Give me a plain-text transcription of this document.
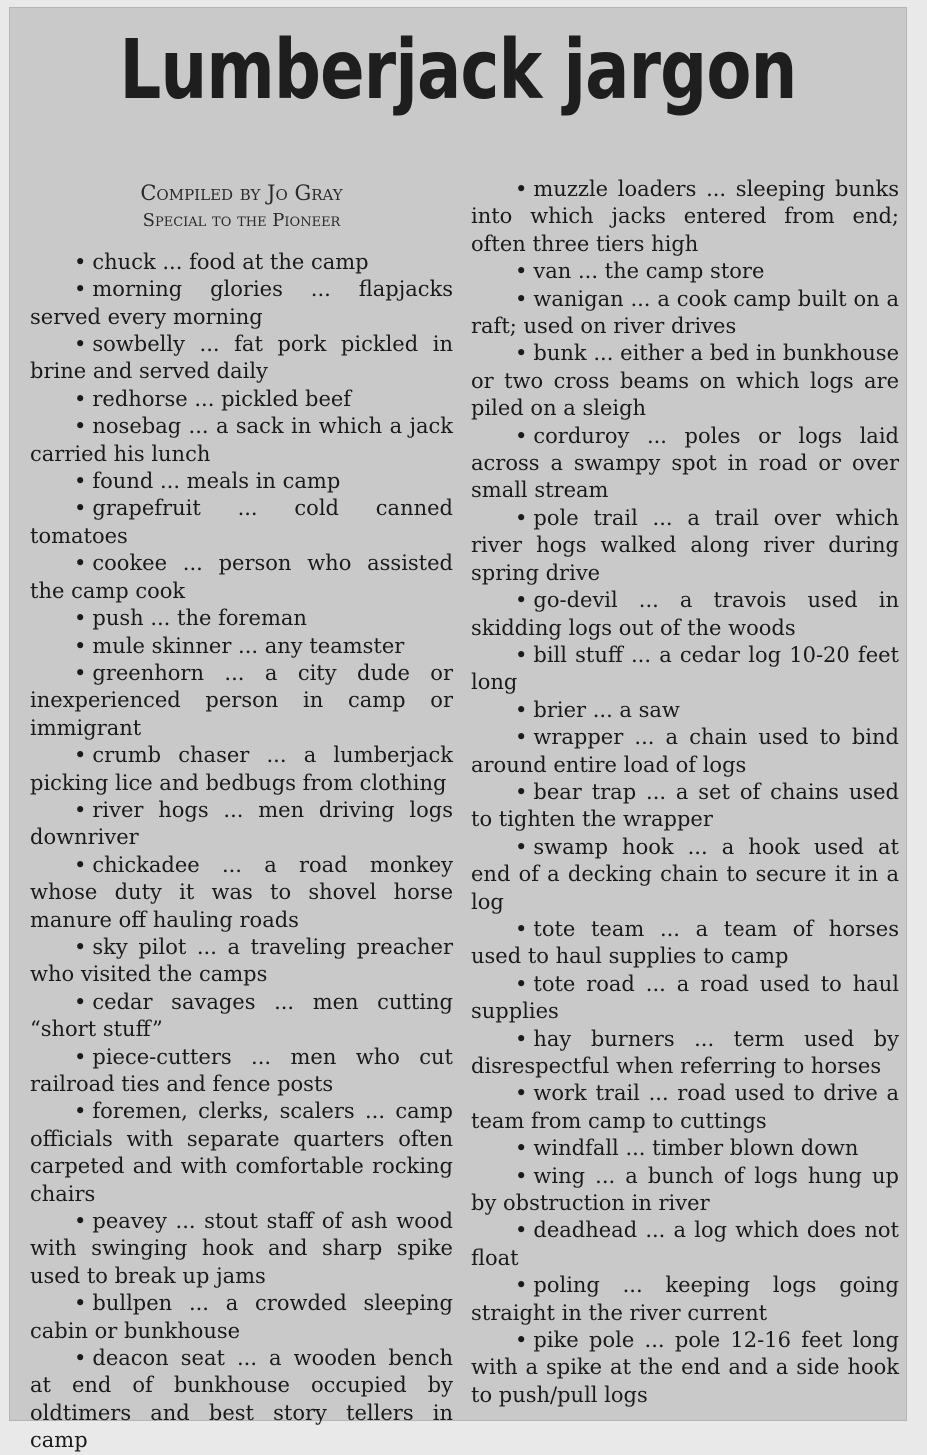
Lumberjack jargon
Compiled by Jo Gray
Special to the Pioneer

• chuck ... food at the camp

• morning glories ... flapjacks served every morning

• sowbelly ... fat pork pickled in brine and served daily

• redhorse ... pickled beef

• nosebag ... a sack in which a jack carried his lunch

• found ... meals in camp

• grapefruit ... cold canned tomatoes

• cookee ... person who assisted the camp cook

• push ... the foreman

• mule skinner ... any teamster

• greenhorn ... a city dude or inexperienced person in camp or immigrant

• crumb chaser ... a lumberjack picking lice and bedbugs from clothing

• river hogs ... men driving logs downriver

• chickadee ... a road monkey whose duty it was to shovel horse manure off hauling roads

• sky pilot ... a traveling preacher who visited the camps

• cedar savages ... men cutting “short stuff”

• piece-cutters ... men who cut railroad ties and fence posts

• foremen, clerks, scalers ... camp officials with separate quarters often carpeted and with comfortable rocking chairs

• peavey ... stout staff of ash wood with swinging hook and sharp spike used to break up jams

• bullpen ... a crowded sleeping cabin or bunkhouse

• deacon seat ... a wooden bench at end of bunkhouse occupied by oldtimers and best story tellers in camp

• muzzle loaders ... sleeping bunks into which jacks entered from end; often three tiers high

• van ... the camp store

• wanigan ... a cook camp built on a raft; used on river drives

• bunk ... either a bed in bunkhouse or two cross beams on which logs are piled on a sleigh

• corduroy ... poles or logs laid across a swampy spot in road or over small stream

• pole trail ... a trail over which river hogs walked along river during spring drive

• go-devil ... a travois used in skidding logs out of the woods

• bill stuff ... a cedar log 10-20 feet long

• brier ... a saw

• wrapper ... a chain used to bind around entire load of logs

• bear trap ... a set of chains used to tighten the wrapper

• swamp hook ... a hook used at end of a decking chain to secure it in a log

• tote team ... a team of horses used to haul supplies to camp

• tote road ... a road used to haul supplies

• hay burners ... term used by disrespectful when referring to horses

• work trail ... road used to drive a team from camp to cuttings

• windfall ... timber blown down

• wing ... a bunch of logs hung up by obstruction in river

• deadhead ... a log which does not float

• poling ... keeping logs going straight in the river current

• pike pole ... pole 12-16 feet long with a spike at the end and a side hook to push/pull logs
